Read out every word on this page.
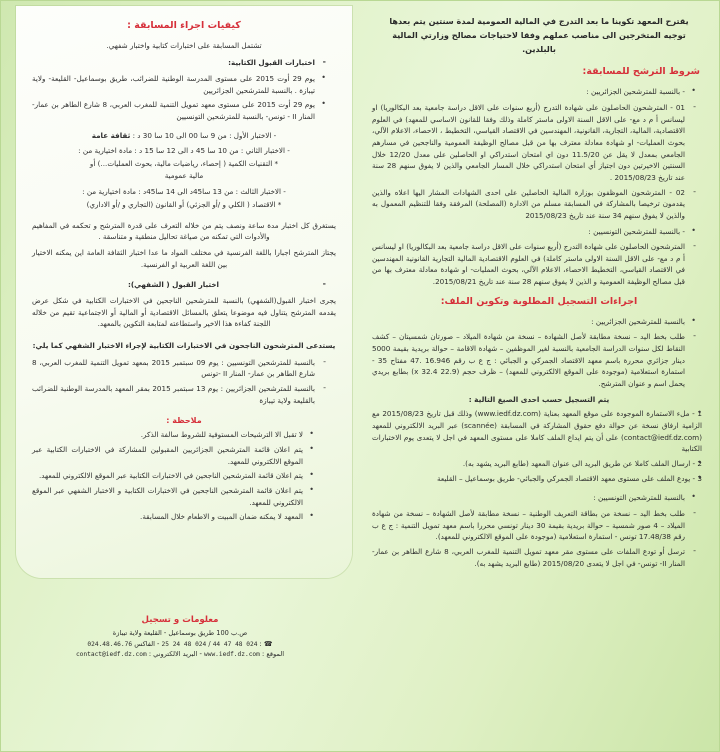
يقترح المعهد تكوينا ما بعد التدرج في المالية العمومية لمدة سنتين يتم بعدها توجيه المتخرجين الى مناصب عملهم وفقا لاحتياجات مصالح وزارتي المالية بالبلدين.
شروط الترشح للمسابقة:
• - بالنسبة للمترشحين الجزائريين :
- 01 - المترشحون الحاصلون على شهادة التدرج (أربع سنوات على الاقل دراسة جامعية بعد البكالوريا) او ليسانس أ م د مع- على الاقل السنة الاولى ماستر كاملة وذلك وفقا للقانون الاساسي للمعهد) في العلوم الاقتصادية، المالية، التجارية، القانونية، المهندسين في الاقتصاد القياسي، التخطيط ، الاحصاء، الاعلام الآلي، بحوث العمليات- او شهادة معادلة معترف بها من قبل مصالح الوظيفة العمومية والناجحين في مسارهم الجامعي بمعدل لا يقل عن 11.5/20 دون اي امتحان استدراكي او الحاصلين على معدل 12/20 خلال السنتين الاخيرتين دون اجتياز أي امتحان استدراكي خلال المسار الجامعي والذين لا يفوق سنهم 28 سنة عند تاريخ 2015/08/23 .
- 02 - المترشحون الموظفون بوزارة المالية الحاصلين على احدى الشهادات المشار اليها اعلاه والذين يقدمون ترخيصا بالمشاركة في المسابقة مسلم من الادارة (المصلحة) المرفقة وفقا للتنظيم المعمول به والذين لا يفوق سنهم 34 سنة عند تاريخ 2015/08/23
• - بالنسبة للمترشحين التونسيين :
- المترشحون الحاصلون على شهادة التدرج (أربع سنوات على الاقل دراسة جامعية بعد البكالوريا) او ليسانس أ م د مع- على الاقل السنة الاولى ماستر كاملة) في العلوم الاقتصادية المالية التجارية القانونية المهندسين في الاقتصاد القياسي، التخطيط الاحصاء، الاعلام الآلي، بحوث العمليات- او شهادة معادلة معترف بها من قبل مصالح الوظيفة العمومية و الذين لا يفوق سنهم 28 سنة عند تاريخ 2015/08/21.
اجراءات التسجيل المطلوبة وتكوين الملف:
• بالنسبة للمترشحين الجزائريين :
- طلب بخط اليد – نسخة مطابقة لأصل الشهادة – نسخة من شهادة الميلاد – صورتان شمسيتان – كشف النقاط لكل سنوات الدراسة الجامعية بالنسبة لغير الموظفين – شهادة الاقامة – حوالة بريدية بقيمة 5000 دينار جزائري محررة باسم معهد الاقتصاد الجمركي و الجبائي : ج ع ب رقم 16.946 .47 مفتاح 35 - استمارة استعلامية (موجودة على الموقع الالكتروني للمعهد) – ظرف حجم (22.9 x 32.4) بطابع بريدي يحمل اسم و عنوان المترشح.
يتم التسجيل حسب احدى الصيغ التالية :
• 1 - ملء الاستمارة الموجودة على موقع المعهد بعناية (www.iedf.dz.com) وذلك قبل تاريخ 2015/08/23 مع الزامية ارفاق نسخة عن حوالة دفع حقوق المشاركة في المسابقة (scannée) عبر البريد الالكتروني للمعهد (contact@iedf.dz.com) على أن يتم ايداع الملف كاملا على مستوى المعهد في اجل لا يتعدى يوم الاختبارات الكتابية
• 2 - ارسال الملف كاملا عن طريق البريد الى عنوان المعهد (طابع البريد يشهد به).
• 3 - يودع الملف على مستوى معهد الاقتصاد الجمركي والجبائي- طريق بوسماعيل – القليعة
• بالنسبة للمترشحين التونسيين :
- طلب بخط اليد – نسخة من بطاقة التعريف الوطنية – نسخة مطابقة لأصل الشهادة – نسخة من شهادة الميلاد – 4 صور شمسية – حوالة بريدية بقيمة 30 دينار تونسي محررا باسم معهد تمويل التنمية : ج ع ب رقم 17.48/38 تونس - استمارة استعلامية (موجودة على الموقع الالكتروني للمعهد).
- ترسل أو تودع الملفات على مستوى مقر معهد تمويل التنمية للمغرب العربي، 8 شارع الطاهر بن عمار- المنار II- تونس- في اجل لا يتعدى 2015/08/20 (طابع البريد يشهد به).
كيفيات اجراء المسابقة :
تشتمل المسابقة على اختبارات كتابية واختبار شفهي.
- اختبارات القبول الكتابية:
• يوم 29 أوت 2015 على مستوى المدرسة الوطنية للضرائب، طريق بوسماعيل- القليعة- ولاية تيبازة . بالنسبة للمترشحين الجزائريين
• يوم 29 أوت 2015 على مستوى معهد تمويل التنمية للمغرب العربي، 8 شارع الطاهر بن عمار- المنار II - تونس- بالنسبة للمترشحين التونسيين
- الاختبار الأول : من 9 سا 00 الى 10 سا 30 د : ثقافة عامة
- الاختبار الثاني : من 10 سا 45 د الى 12 سا 15 د : مادة اختيارية من :
* التقنيات الكمية ( إحصاء، رياضيات مالية، بحوث العمليات...) أو
مالية عمومية
- الاختبار الثالث : من 13 سا45د الى 14 سا45د : مادة اختيارية من :
* الاقتصاد ( الكلي و /أو الجزئي) أو القانون (التجاري و /أو الاداري)
يستغرق كل اختبار مدة ساعة ونصف يتم من خلاله التعرف على قدرة المترشح و تحكمه في المفاهيم والأدوات التي تمكنه من صياغة تحاليل منطقية و متناسقة .
يجتاز المترشح اجبارا باللغة الفرنسية في مختلف المواد ما عدا اختبار الثقافة العامة اين يمكنه الاختيار بين اللغة العربية او الفرنسية.
- اختبار القبول ( الشفهي):
يجرى اختبار القبول(الشفهي) بالنسبة للمترشحين الناجحين في الاختبارات الكتابية في شكل عرض يقدمه المترشح يتناول فيه موضوعا يتعلق بالمسائل الاقتصادية أو المالية أو الاجتماعية تقيم من خلاله اللجنة كفاءة هذا الاخير واستطاعته لمتابعة التكوين بالمعهد.
يستدعى المترشحون الناجحون في الاختبارات الكتابية لإجراء الاختبار الشفهي كما يلي:
- بالنسبة للمترشحين التونسيين : يوم 09 سبتمبر 2015 بمعهد تمويل التنمية للمغرب العربي، 8 شارع الطاهر بن عمار- المنار II -تونس
- بالنسبة للمترشحين الجزائريين : يوم 13 سبتمبر 2015 بمقر المعهد بالمدرسة الوطنية للضرائب بالقليعة ولاية تيبازة
ملاحظة :
• لا تقبل الا الترشيحات المستوفية للشروط سالفة الذكر.
• يتم اعلان قائمة المترشحين الجزائريين المقبولين للمشاركة في الاختبارات الكتابية عبر الموقع الالكتروني للمعهد.
• يتم اعلان قائمة المترشحين الناجحين في الاختبارات الكتابية عبر الموقع الالكتروني للمعهد.
• يتم اعلان قائمة المترشحين الناجحين في الاختبارات الكتابية و الاختبار الشفهي عبر الموقع الالكتروني للمعهد.
• المعهد لا يمكنه ضمان المبيت و الاطعام خلال المسابقة.
معلومات و تسجيل
ص.ب 100 طريق بوسماعيل - القليعة ولاية تيبازة
☎ : 024 48 47 44 / 024 48 24 25 - الفاكس 024.48.46.76
الموقع : www.iedf.dz.com - البريد الالكتروني : contact@iedf.dz.com
